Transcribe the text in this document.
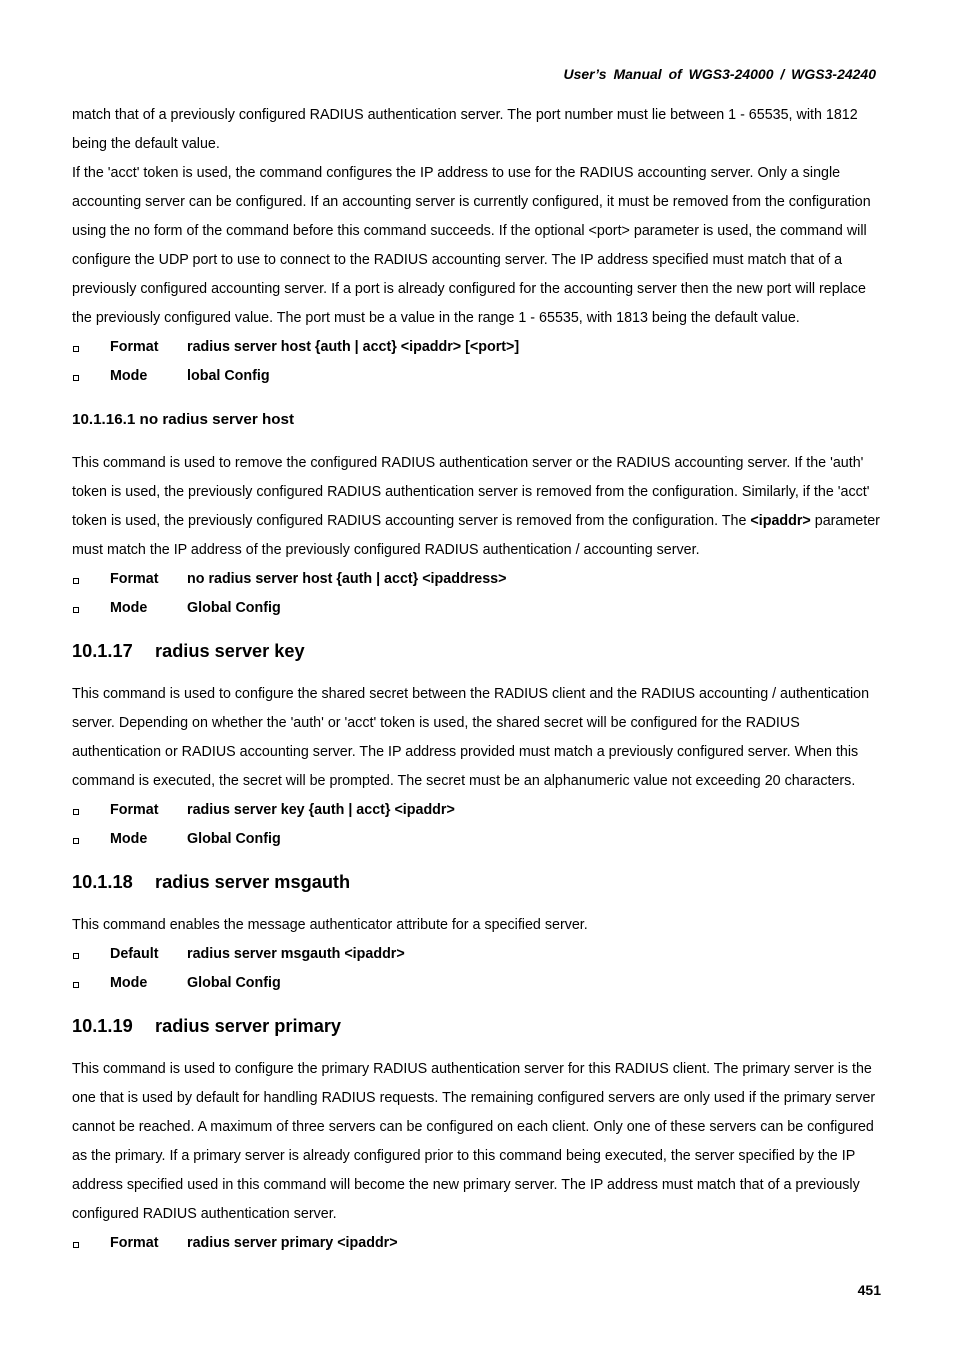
User’s Manual of WGS3-24000 / WGS3-24240

match that of a previously configured RADIUS authentication server. The port number must lie between 1 - 65535, with 1812 being the default value.

If the 'acct' token is used, the command configures the IP address to use for the RADIUS accounting server. Only a single accounting server can be configured. If an accounting server is currently configured, it must be removed from the configuration using the no form of the command before this command succeeds. If the optional <port> parameter is used, the command will configure the UDP port to use to connect to the RADIUS accounting server. The IP address specified must match that of a previously configured accounting server. If a port is already configured for the accounting server then the new port will replace the previously configured value. The port must be a value in the range 1 - 65535, with 1813 being the default value.

Format radius server host {auth | acct} <ipaddr> [<port>]
Mode	lobal Config
10.1.16.1 no radius server host

This command is used to remove the configured RADIUS authentication server or the RADIUS accounting server. If the 'auth' token is used, the previously configured RADIUS authentication server is removed from the configuration. Similarly, if the 'acct' token is used, the previously configured RADIUS accounting server is removed from the configuration. The <ipaddr> parameter must match the IP address of the previously configured RADIUS authentication / accounting server.

Format no radius server host {auth | acct} <ipaddress>
Mode	Global Config
10.1.17 radius server key

This command is used to configure the shared secret between the RADIUS client and the RADIUS accounting / authentication server. Depending on whether the 'auth' or 'acct' token is used, the shared secret will be configured for the RADIUS authentication or RADIUS accounting server. The IP address provided must match a previously configured server. When this command is executed, the secret will be prompted. The secret must be an alphanumeric value not exceeding 20 characters.

Format radius server key {auth | acct} <ipaddr>
Mode	Global Config
10.1.18 radius server msgauth

This command enables the message authenticator attribute for a specified server.

Default radius server msgauth <ipaddr>
Mode	Global Config
10.1.19 radius server primary

This command is used to configure the primary RADIUS authentication server for this RADIUS client. The primary server is the one that is used by default for handling RADIUS requests. The remaining configured servers are only used if the primary server cannot be reached. A maximum of three servers can be configured on each client. Only one of these servers can be configured as the primary. If a primary server is already configured prior to this command being executed, the server specified by the IP address specified used in this command will become the new primary server. The IP address must match that of a previously configured RADIUS authentication server.

Format radius server primary <ipaddr>
451
